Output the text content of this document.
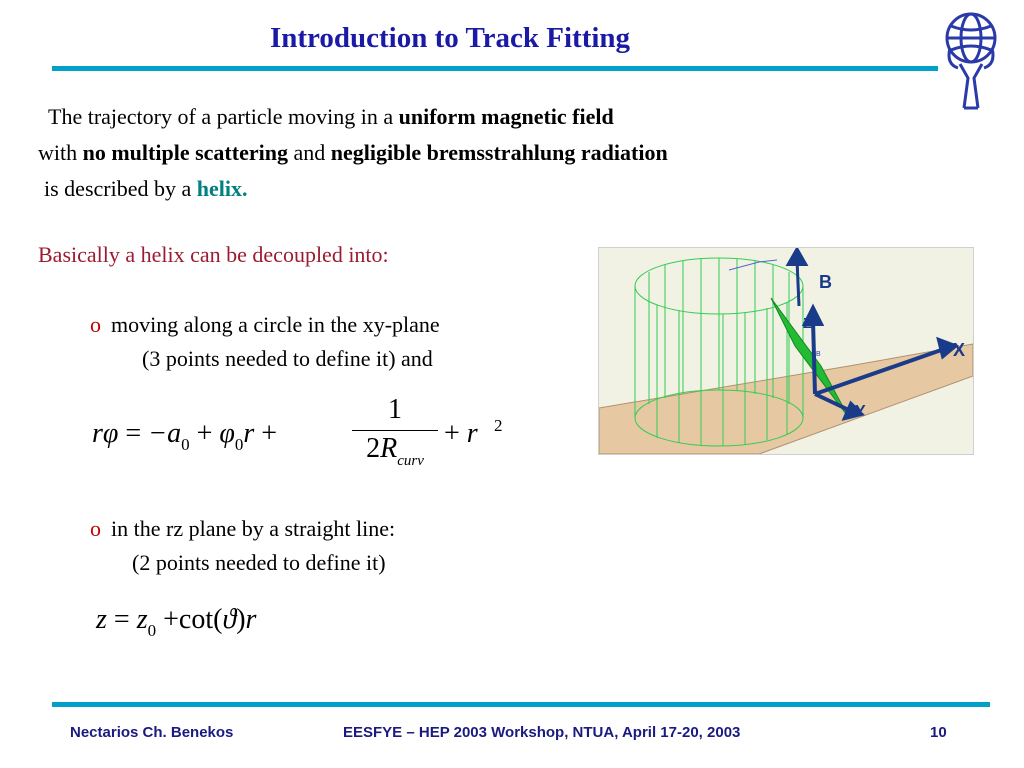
Introduction to Track Fitting
The trajectory of a particle moving in a uniform magnetic field
with no multiple scattering and negligible bremsstrahlung radiation
is described by a helix.
Basically a helix can be decoupled into:
o moving along a circle in the xy-plane
(3 points needed to define it) and
$r\varphi = -a_0 + \varphi_0r$ +
1
$2R_{curv}$
+ r 2
o in the rz plane by a straight line:
(2 points needed to define it)
$z = z_0 +\cot(ϑ)r$
B
X
Y
Z
B
Nectarios Ch. Benekos	EESFYE – HEP 2003 Workshop, NTUA, April 17-20, 2003	10
